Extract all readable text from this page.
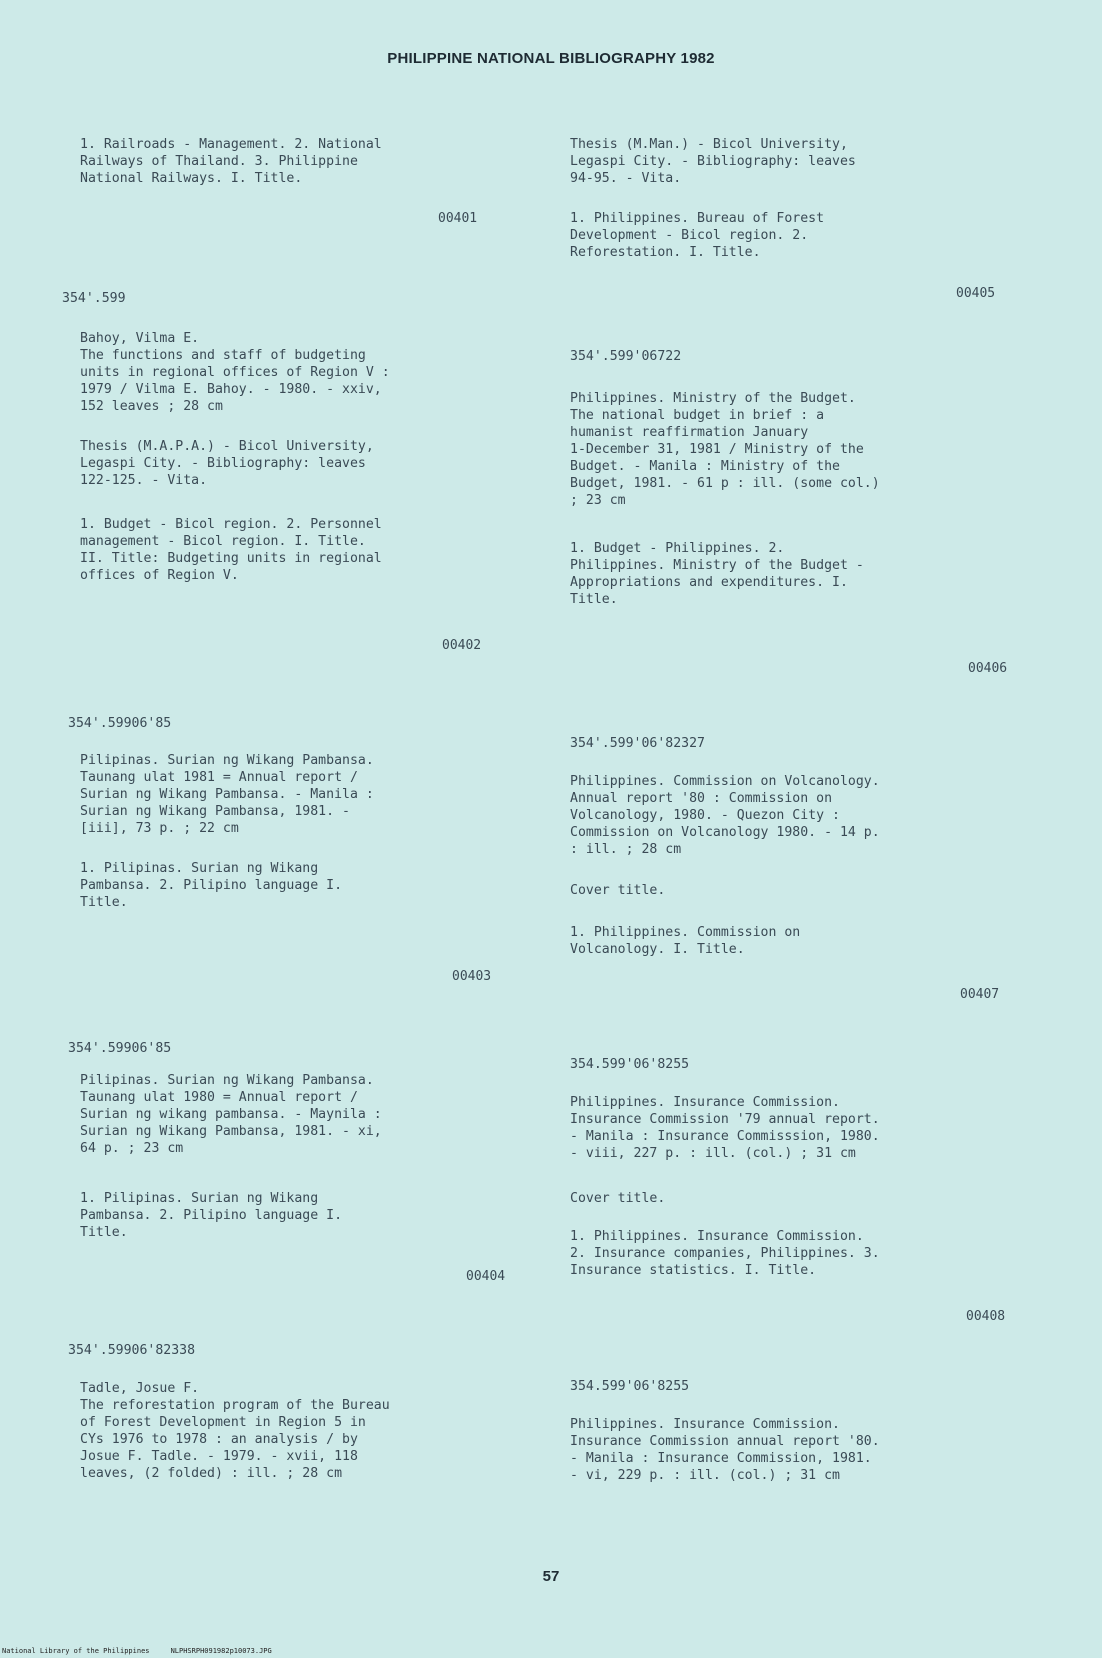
PHILIPPINE NATIONAL BIBLIOGRAPHY 1982
1. Railroads - Management. 2. National
Railways of Thailand. 3. Philippine
National Railways. I. Title.
00401
354'.599
Bahoy, Vilma E.
The functions and staff of budgeting
units in regional offices of Region V :
1979 / Vilma E. Bahoy. - 1980. - xxiv,
152 leaves ; 28 cm
Thesis (M.A.P.A.) - Bicol University,
Legaspi City. - Bibliography: leaves
122-125. - Vita.
1. Budget - Bicol region. 2. Personnel
management - Bicol region. I. Title.
II. Title: Budgeting units in regional
offices of Region V.
00402
354'.59906'85
Pilipinas. Surian ng Wikang Pambansa.
Taunang ulat 1981 = Annual report /
Surian ng Wikang Pambansa. - Manila :
Surian ng Wikang Pambansa, 1981. -
[iii], 73 p. ; 22 cm
1. Pilipinas. Surian ng Wikang
Pambansa. 2. Pilipino language I.
Title.
00403
354'.59906'85
Pilipinas. Surian ng Wikang Pambansa.
Taunang ulat 1980 = Annual report /
Surian ng wikang pambansa. - Maynila :
Surian ng Wikang Pambansa, 1981. - xi,
64 p. ; 23 cm
1. Pilipinas. Surian ng Wikang
Pambansa. 2. Pilipino language I.
Title.
00404
354'.59906'82338
Tadle, Josue F.
The reforestation program of the Bureau
of Forest Development in Region 5 in
CYs 1976 to 1978 : an analysis / by
Josue F. Tadle. - 1979. - xvii, 118
leaves, (2 folded) : ill. ; 28 cm
Thesis (M.Man.) - Bicol University,
Legaspi City. - Bibliography: leaves
94-95. - Vita.
1. Philippines. Bureau of Forest
Development - Bicol region. 2.
Reforestation. I. Title.
00405
354'.599'06722
Philippines. Ministry of the Budget.
The national budget in brief : a
humanist reaffirmation January
1-December 31, 1981 / Ministry of the
Budget. - Manila : Ministry of the
Budget, 1981. - 61 p : ill. (some col.)
; 23 cm
1. Budget - Philippines. 2.
Philippines. Ministry of the Budget -
Appropriations and expenditures. I.
Title.
00406
354'.599'06'82327
Philippines. Commission on Volcanology.
Annual report '80 : Commission on
Volcanology, 1980. - Quezon City :
Commission on Volcanology 1980. - 14 p.
: ill. ; 28 cm
Cover title.
1. Philippines. Commission on
Volcanology. I. Title.
00407
354.599'06'8255
Philippines. Insurance Commission.
Insurance Commission '79 annual report.
- Manila : Insurance Commisssion, 1980.
- viii, 227 p. : ill. (col.) ; 31 cm
Cover title.
1. Philippines. Insurance Commission.
2. Insurance companies, Philippines. 3.
Insurance statistics. I. Title.
00408
354.599'06'8255
Philippines. Insurance Commission.
Insurance Commission annual report '80.
- Manila : Insurance Commission, 1981.
- vi, 229 p. : ill. (col.) ; 31 cm
57
National Library of the Philippines     NLPHSRPH091982p10073.JPG
